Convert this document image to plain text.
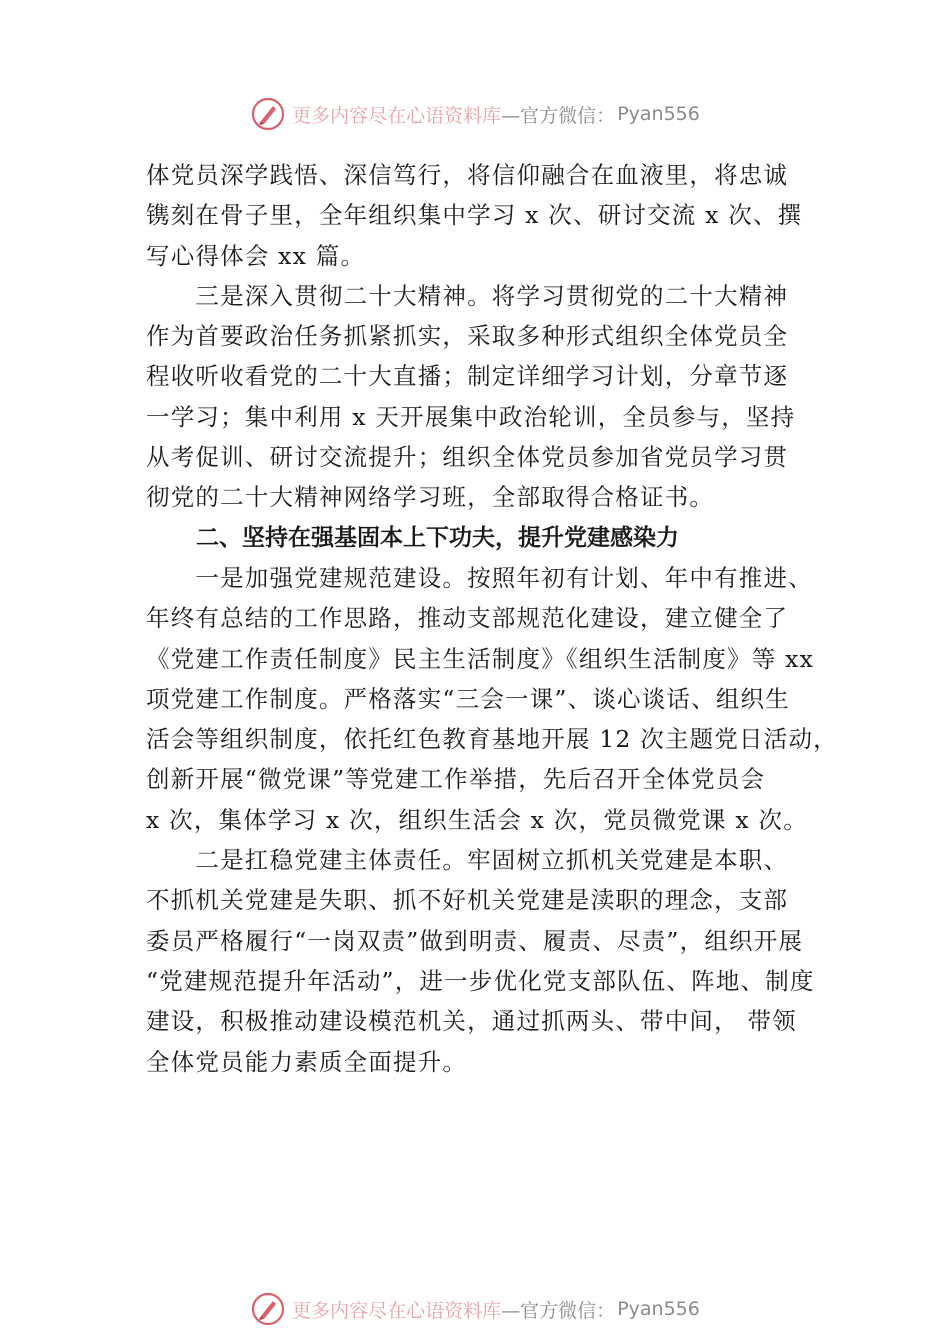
更多内容尽在心语资料库 —官方微信： Pyan556

体党员深学践悟、深信笃行，将信仰融合在血液里，将忠诚
镌刻在骨子里，全年组织集中学习 x 次、研讨交流 x 次、撰
写心得体会 xx 篇。

　　三是深入贯彻二十大精神。将学习贯彻党的二十大精神
作为首要政治任务抓紧抓实，采取多种形式组织全体党员全
程收听收看党的二十大直播；制定详细学习计划，分章节逐
一学习；集中利用 x 天开展集中政治轮训，全员参与，坚持
从考促训、研讨交流提升；组织全体党员参加省党员学习贯
彻党的二十大精神网络学习班，全部取得合格证书。

二、坚持在强基固本上下功夫，提升党建感染力

　　一是加强党建规范建设。按照年初有计划、年中有推进、
年终有总结的工作思路，推动支部规范化建设，建立健全了
《党建工作责任制度》民主生活制度》《组织生活制度》等 xx
项党建工作制度。严格落实“三会一课”、谈心谈话、组织生
活会等组织制度，依托红色教育基地开展 12 次主题党日活动，
创新开展“微党课”等党建工作举措，先后召开全体党员会
x 次，集体学习 x 次，组织生活会 x 次，党员微党课 x 次。

　　二是扛稳党建主体责任。牢固树立抓机关党建是本职、
不抓机关党建是失职、抓不好机关党建是渎职的理念，支部
委员严格履行“一岗双责”做到明责、履责、尽责”，组织开展
“党建规范提升年活动”，进一步优化党支部队伍、阵地、制度
建设，积极推动建设模范机关，通过抓两头、带中间， 带领
全体党员能力素质全面提升。

更多内容尽在心语资料库 —官方微信： Pyan556
